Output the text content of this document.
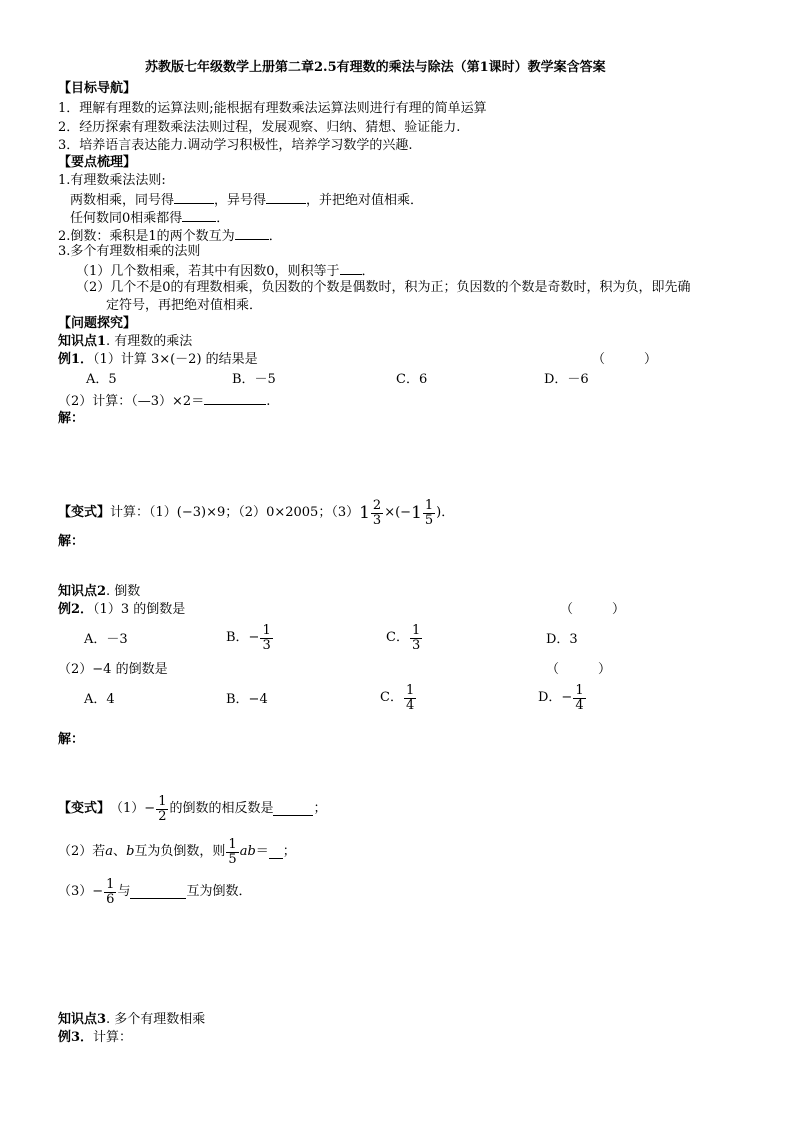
苏教版七年级数学上册第二章2.5有理数的乘法与除法（第1课时）教学案含答案
【目标导航】
1．理解有理数的运算法则;能根据有理数乘法运算法则进行有理的简单运算
2．经历探索有理数乘法法则过程，发展观察、归纳、猜想、验证能力.
3．培养语言表达能力.调动学习积极性，培养学习数学的兴趣.
【要点梳理】
1.有理数乘法法则:
两数相乘，同号得	，异号得	，并把绝对值相乘．
任何数同0相乘都得	．
2.倒数：乘积是1的两个数互为	．
3.多个有理数相乘的法则
（1）几个数相乘，若其中有因数0，则积等于 ．
（2）几个不是0的有理数相乘，负因数的个数是偶数时，积为正；负因数的个数是奇数时，积为负，即先确
定符号，再把绝对值相乘．
【问题探究】
知识点1. 有理数的乘法
例1．（1）计算 3×(－2) 的结果是	（　　　）
A．5	B．－5	C．6	D．－6
（2）计算：（—3）×2＝	.
解：
【变式】 计算：（1） (−3)×9 ；（2） 0×2005 ；（3） $1 \frac{2}{3}$ ×(− $1 \frac{1}{5}$ ) ．
解：
知识点2. 倒数
例2．（1）3 的倒数是	（　　　）
A．－3	B．− $\frac{1}{3}$	C． $\frac{1}{3}$	D．3
（2）−4 的倒数是	（　　　）
A．4	B．−4	C． $\frac{1}{4}$	D．− $\frac{1}{4}$
解：
【变式】 $(1)- \frac{1}{2}$ 的倒数的相反数是	；
（2）若 a 、 b 互为负倒数，则 $\frac{1}{5}$ ab ＝ ；
$(3)- \frac{1}{6}$ 与	互为倒数．
知识点3. 多个有理数相乘
例3．计算：
